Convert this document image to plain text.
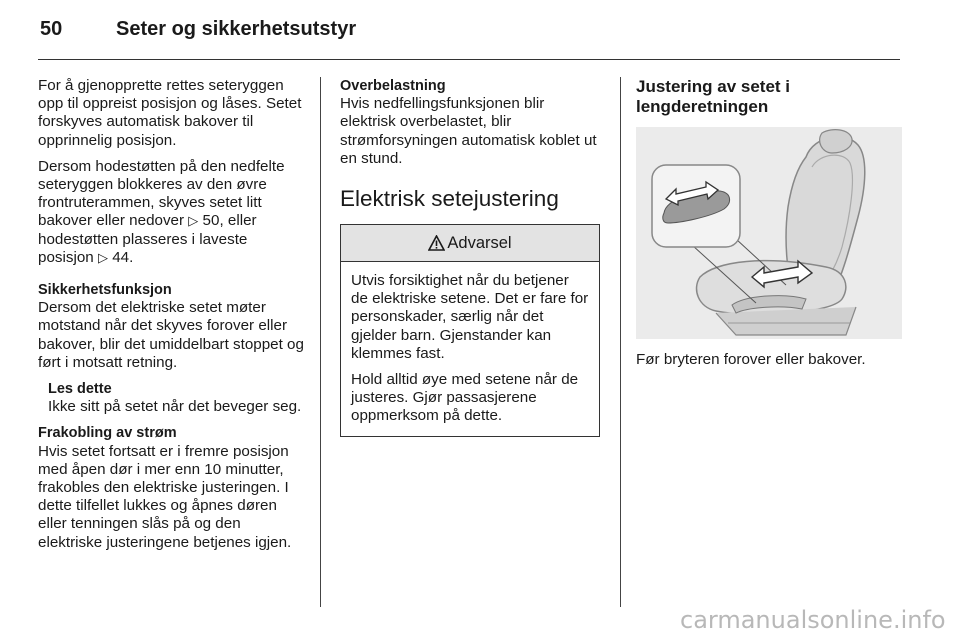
50	Seter og sikkerhetsutstyr

For å gjenopprette rettes seteryggen opp til oppreist posisjon og låses. Setet forskyves automatisk bakover til opprinnelig posisjon.

Dersom hodestøtten på den nedfelte seteryggen blokkeres av den øvre frontruterammen, skyves setet litt bakover eller nedover ▷ 50, eller hodestøtten plasseres i laveste posisjon ▷ 44.

Sikkerhetsfunksjon

Dersom det elektriske setet møter motstand når det skyves forover eller bakover, blir det umiddelbart stoppet og ført i motsatt retning.

Les dette

Ikke sitt på setet når det beveger seg.

Frakobling av strøm

Hvis setet fortsatt er i fremre posisjon med åpen dør i mer enn 10 minutter, frakobles den elektriske justeringen. I dette tilfellet lukkes og åpnes døren eller tenningen slås på og den elektriske justeringene betjenes igjen.

Overbelastning

Hvis nedfellingsfunksjonen blir elektrisk overbelastet, blir strømforsyningen automatisk koblet ut en stund.

Elektrisk setejustering
Advarsel

Utvis forsiktighet når du betjener de elektriske setene. Det er fare for personskader, særlig når det gjelder barn. Gjenstander kan klemmes fast.

Hold alltid øye med setene når de justeres. Gjør passasjerene oppmerksom på dette.

Justering av setet i lengderetningen

Før bryteren forover eller bakover.

carmanualsonline.info
